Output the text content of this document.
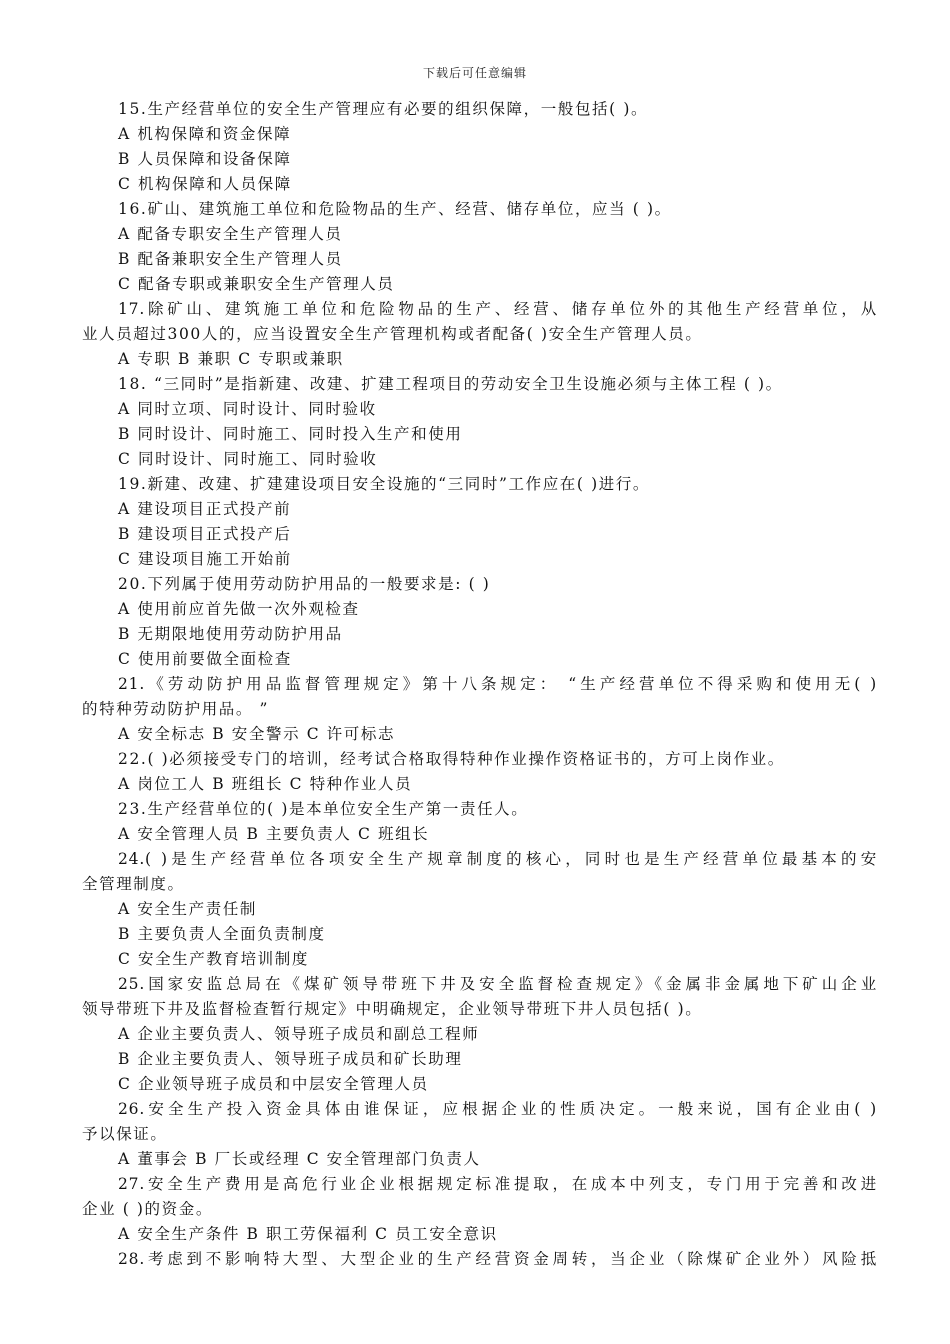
下载后可任意编辑
15.生产经营单位的安全生产管理应有必要的组织保障，一般包括( )。
A 机构保障和资金保障
B 人员保障和设备保障
C 机构保障和人员保障
16.矿山、建筑施工单位和危险物品的生产、经营、储存单位，应当 ( )。
A 配备专职安全生产管理人员
B 配备兼职安全生产管理人员
C 配备专职或兼职安全生产管理人员
17.除矿山、建筑施工单位和危险物品的生产、经营、储存单位外的其他生产经营单位，从
业人员超过300人的，应当设置安全生产管理机构或者配备( )安全生产管理人员。
A 专职 B 兼职 C 专职或兼职
18. “三同时”是指新建、改建、扩建工程项目的劳动安全卫生设施必须与主体工程 ( )。
A 同时立项、同时设计、同时验收
B 同时设计、同时施工、同时投入生产和使用
C 同时设计、同时施工、同时验收
19.新建、改建、扩建建设项目安全设施的“三同时”工作应在( )进行。
A 建设项目正式投产前
B 建设项目正式投产后
C 建设项目施工开始前
20.下列属于使用劳动防护用品的一般要求是: ( )
A 使用前应首先做一次外观检查
B 无期限地使用劳动防护用品
C 使用前要做全面检查
21.《劳动防护用品监督管理规定》第十八条规定： “生产经营单位不得采购和使用无( )
的特种劳动防护用品。 ”
A 安全标志 B 安全警示 C 许可标志
22.( )必须接受专门的培训，经考试合格取得特种作业操作资格证书的，方可上岗作业。
A 岗位工人 B 班组长 C 特种作业人员
23.生产经营单位的( )是本单位安全生产第一责任人。
A 安全管理人员 B 主要负责人 C 班组长
24.( )是生产经营单位各项安全生产规章制度的核心，同时也是生产经营单位最基本的安
全管理制度。
A 安全生产责任制
B 主要负责人全面负责制度
C 安全生产教育培训制度
25.国家安监总局在《煤矿领导带班下井及安全监督检查规定》《金属非金属地下矿山企业
领导带班下井及监督检查暂行规定》中明确规定，企业领导带班下井人员包括( )。
A 企业主要负责人、领导班子成员和副总工程师
B 企业主要负责人、领导班子成员和矿长助理
C 企业领导班子成员和中层安全管理人员
26.安全生产投入资金具体由谁保证，应根据企业的性质决定。一般来说，国有企业由( )
予以保证。
A 董事会 B 厂长或经理 C 安全管理部门负责人
27.安全生产费用是高危行业企业根据规定标准提取，在成本中列支，专门用于完善和改进
企业 ( )的资金。
A 安全生产条件 B 职工劳保福利 C 员工安全意识
28.考虑到不影响特大型、大型企业的生产经营资金周转，当企业（除煤矿企业外）风险抵
